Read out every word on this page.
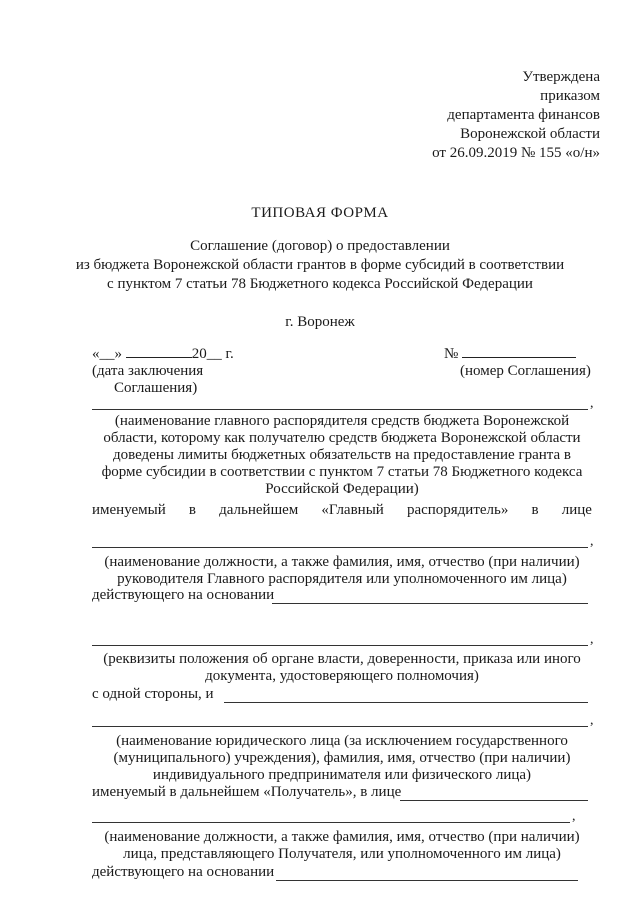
Утверждена
приказом
департамента финансов
Воронежской области
от 26.09.2019 № 155 «о/н»
ТИПОВАЯ ФОРМА
Соглашение (договор) о предоставлении
из бюджета Воронежской области грантов в форме субсидий в соответствии
с пунктом 7 статьи 78 Бюджетного кодекса Российской Федерации
г. Воронеж
«__»	20__ г.
(дата заключения
Соглашения)
№
(номер Соглашения)
,
(наименование главного распорядителя средств бюджета Воронежской
области, которому как получателю средств бюджета Воронежской области
доведены лимиты бюджетных обязательств на предоставление гранта в
форме субсидии в соответствии с пунктом 7 статьи 78 Бюджетного кодекса
Российской Федерации)
именуемый в дальнейшем «Главный распорядитель» в лице
,
(наименование должности, а также фамилия, имя, отчество (при наличии)
руководителя Главного распорядителя или уполномоченного им лица)
действующего на основании
,
(реквизиты положения об органе власти, доверенности, приказа или иного
документа, удостоверяющего полномочия)
с одной стороны, и
,
(наименование юридического лица (за исключением государственного
(муниципального) учреждения), фамилия, имя, отчество (при наличии)
индивидуального предпринимателя или физического лица)
именуемый в дальнейшем «Получатель», в лице
,
(наименование должности, а также фамилия, имя, отчество (при наличии)
лица, представляющего Получателя, или уполномоченного им лица)
действующего на основании
